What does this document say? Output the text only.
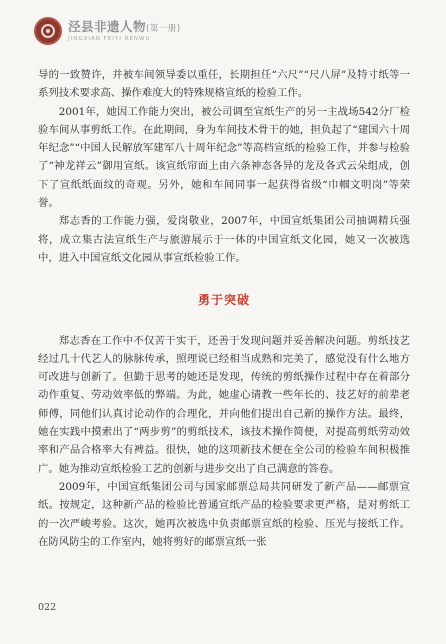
泾县非遗人物(第一册)
JINGXIAN FEIYI RENWU

导的一致赞许，并被车间领导委以重任，长期担任“六尺”“尺八屏”及特寸纸等一系列技术要求高、操作难度大的特殊规格宣纸的检验工作。

2001年，她因工作能力突出，被公司调至宣纸生产的另一主战场542分厂检验车间从事剪纸工作。在此期间，身为车间技术骨干的她，担负起了“建国六十周年纪念”“中国人民解放军建军八十周年纪念”等高档宣纸的检验工作，并参与检验了“神龙祥云”御用宣纸。该宣纸帘面上由六条神态各异的龙及各式云朵组成，创下了宣纸纸面纹的奇观。另外，她和车间同事一起获得省级“巾帼文明岗”等荣誉。

郑志香的工作能力强，爱岗敬业，2007年，中国宣纸集团公司抽调精兵强将，成立集古法宣纸生产与旅游展示于一体的中国宣纸文化园，她又一次被选中，进入中国宣纸文化园从事宣纸检验工作。

勇于突破

郑志香在工作中不仅苦干实干，还善于发现问题并妥善解决问题。剪纸技艺经过几十代艺人的脉脉传承，照理说已经相当成熟和完美了，感觉没有什么地方可改进与创新了。但勤于思考的她还是发现，传统的剪纸操作过程中存在着部分动作重复、劳动效率低的弊端。为此，她虚心请教一些年长的、技艺好的前辈老师傅，同他们认真讨论动作的合理化，并向他们提出自己新的操作方法。最终，她在实践中摸索出了“两步剪”的剪纸技术，该技术操作简便，对提高剪纸劳动效率和产品合格率大有裨益。很快，她的这项新技术便在全公司的检验车间积极推广。她为推动宣纸检验工艺的创新与进步交出了自己满意的答卷。

2009年，中国宣纸集团公司与国家邮票总局共同研发了新产品——邮票宣纸。按规定，这种新产品的检验比普通宣纸产品的检验要求更严格，是对剪纸工的一次严峻考验。这次，她再次被选中负责邮票宣纸的检验、压光与接纸工作。在防风防尘的工作室内，她将剪好的邮票宣纸一张

022
